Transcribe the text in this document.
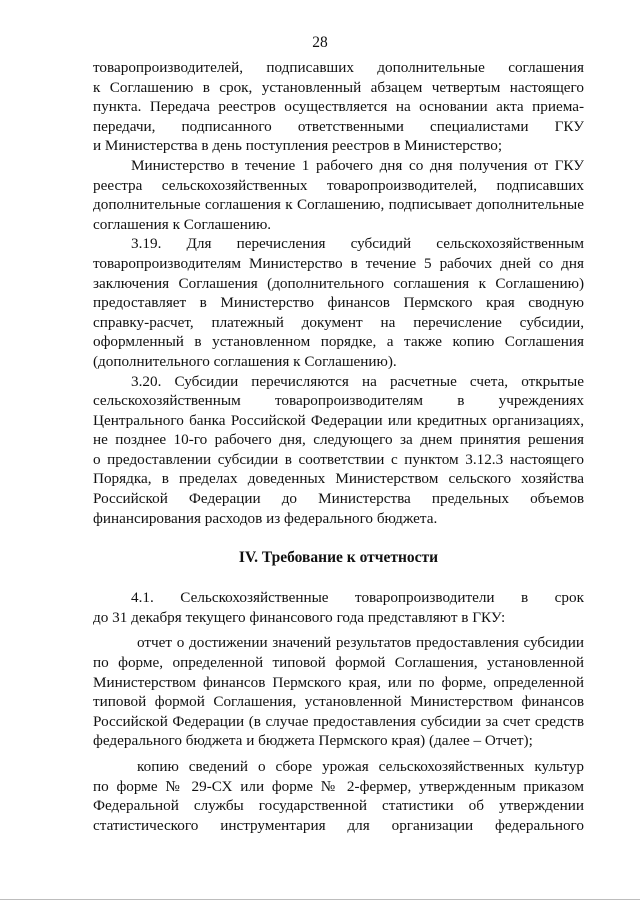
28
товаропроизводителей, подписавших дополнительные соглашения
к Соглашению в срок, установленный абзацем четвертым настоящего
пункта. Передача реестров осуществляется на основании акта приема-
передачи, подписанного ответственными специалистами ГКУ
и Министерства в день поступления реестров в Министерство;
Министерство в течение 1 рабочего дня со дня получения от ГКУ
реестра сельскохозяйственных товаропроизводителей, подписавших
дополнительные соглашения к Соглашению, подписывает дополнительные
соглашения к Соглашению.
3.19. Для перечисления субсидий сельскохозяйственным
товаропроизводителям Министерство в течение 5 рабочих дней со дня
заключения Соглашения (дополнительного соглашения к Соглашению)
предоставляет в Министерство финансов Пермского края сводную
справку-расчет, платежный документ на перечисление субсидии,
оформленный в установленном порядке, а также копию Соглашения
(дополнительного соглашения к Соглашению).
3.20. Субсидии перечисляются на расчетные счета, открытые
сельскохозяйственным товаропроизводителям в учреждениях
Центрального банка Российской Федерации или кредитных организациях,
не позднее 10-го рабочего дня, следующего за днем принятия решения
о предоставлении субсидии в соответствии с пунктом 3.12.3 настоящего
Порядка, в пределах доведенных Министерством сельского хозяйства
Российской Федерации до Министерства предельных объемов
финансирования расходов из федерального бюджета.
IV. Требование к отчетности
4.1. Сельскохозяйственные товаропроизводители в срок
до 31 декабря текущего финансового года представляют в ГКУ:
отчет о достижении значений результатов предоставления субсидии
по форме, определенной типовой формой Соглашения, установленной
Министерством финансов Пермского края, или по форме, определенной
типовой формой Соглашения, установленной Министерством финансов
Российской Федерации (в случае предоставления субсидии за счет средств
федерального бюджета и бюджета Пермского края) (далее – Отчет);
копию сведений о сборе урожая сельскохозяйственных культур
по форме № 29-СХ или форме № 2-фермер, утвержденным приказом
Федеральной службы государственной статистики об утверждении
статистического инструментария для организации федерального
